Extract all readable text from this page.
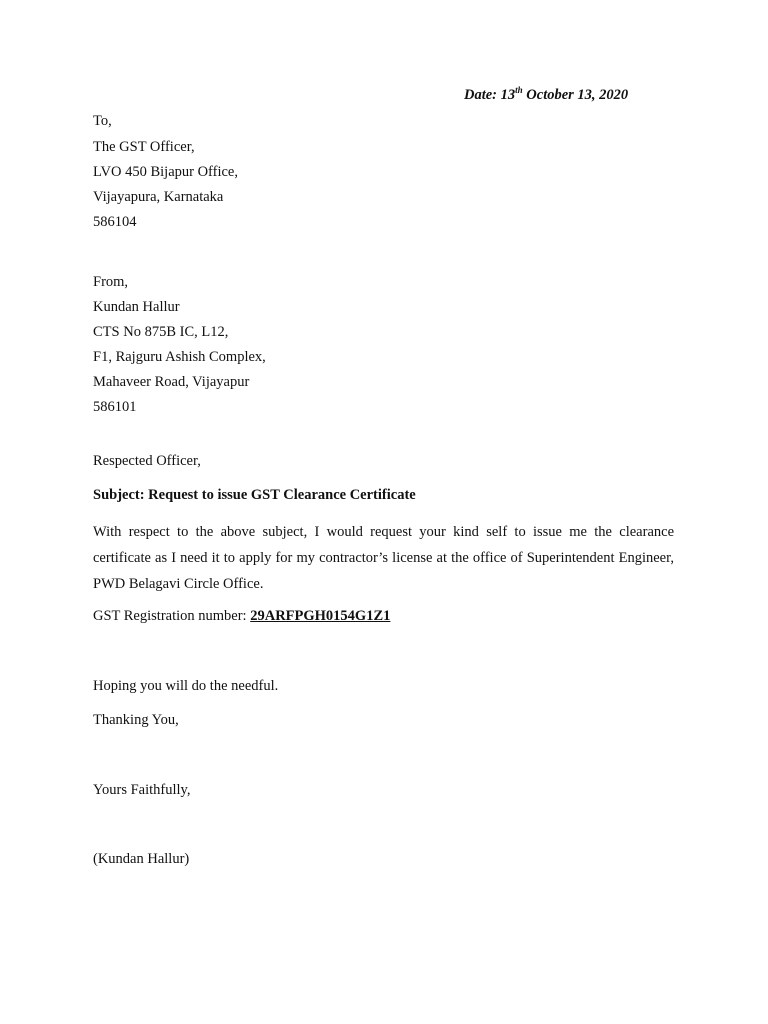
Date: 13th October 13, 2020
To,
The GST Officer,
LVO 450 Bijapur Office,
Vijayapura, Karnataka
586104
From,
Kundan Hallur
CTS No 875B IC, L12,
F1, Rajguru Ashish Complex,
Mahaveer Road, Vijayapur
586101
Respected Officer,
Subject: Request to issue GST Clearance Certificate
With respect to the above subject, I would request your kind self to issue me the clearance certificate as I need it to apply for my contractor’s license at the office of Superintendent Engineer, PWD Belagavi Circle Office.
GST Registration number: 29ARFPGH0154G1Z1
Hoping you will do the needful.
Thanking You,
Yours Faithfully,
(Kundan Hallur)
